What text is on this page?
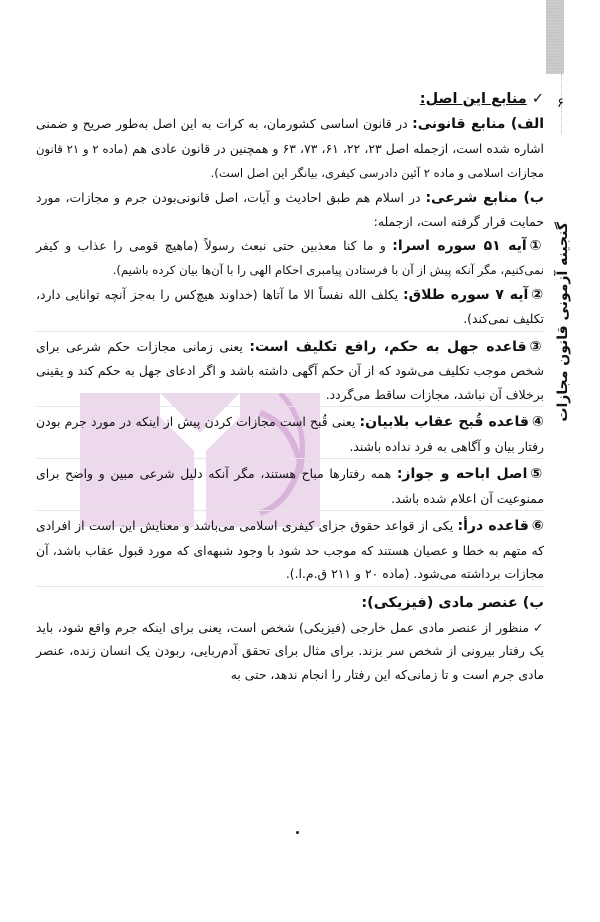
۶
گنجینه آزمونی قانون مجازات

✓ منابع این اصل:

الف) منابع قانونی: در قانون اساسی کشورمان، به کرات به این اصل به‌طور صریح و ضمنی اشاره شده است، ازجمله اصل ۲۳، ۲۲، ۶۱، ۷۳، ۶۳ و همچنین در قانون عادی هم (ماده ۲ و ۲۱ قانون مجازات اسلامی و ماده ۲ آئین دادرسی کیفری، بیانگر این اصل است).

ب) منابع شرعی: در اسلام هم طبق احادیث و آیات، اصل قانونی‌بودن جرم و مجازات، مورد حمایت قرار گرفته است، ازجمله:

①آیه ۵۱ سوره اسرا: و ما کنا معذبین حتی نبعث رسولاً (ماهیچ قومی را عذاب و کیفر نمی‌کنیم، مگر آنکه پیش از آن با فرستادن پیامبری احکام الهی را با آن‌ها بیان کرده باشیم).

②آیه ۷ سوره طلاق: یکلف الله نفساً الا ما آتاها (خداوند هیچ‌کس را به‌جز آنچه توانایی دارد، تکلیف نمی‌کند).

③قاعده جهل به حکم، رافع تکلیف است: یعنی زمانی مجازات حکم شرعی برای شخص موجب تکلیف می‌شود که از آن حکم آگهی داشته باشد و اگر ادعای جهل به حکم کند و یقینی برخلاف آن نباشد، مجازات ساقط می‌گردد.

④قاعده قُبح عقاب بلابیان: یعنی قُبح است مجازات کردن پیش از اینکه در مورد جرم بودن رفتار بیان و آگاهی به فرد نداده باشند.

⑤اصل اباحه و جواز: همه رفتارها مباح هستند، مگر آنکه دلیل شرعی مبین و واضح برای ممنوعیت آن اعلام شده باشد.

⑥قاعده درأ: یکی از قواعد حقوق جزای کیفری اسلامی می‌باشد و معنایش این است از افرادی که متهم به خطا و عصیان هستند که موجب حد شود با وجود شبهه‌ای که مورد قبول عقاب باشد، آن مجازات برداشته می‌شود. (ماده ۲۰ و ۲۱۱ ق.م.ا.).

ب) عنصر مادی (فیزیکی):

✓ منظور از عنصر مادی عمل خارجی (فیزیکی) شخص است، یعنی برای اینکه جرم واقع شود، باید یک رفتار بیرونی از شخص سر بزند. برای مثال برای تحقق آدم‌ربایی، ربودن یک انسان زنده، عنصر مادی جرم است و تا زمانی‌که این رفتار را انجام ندهد، حتی به
